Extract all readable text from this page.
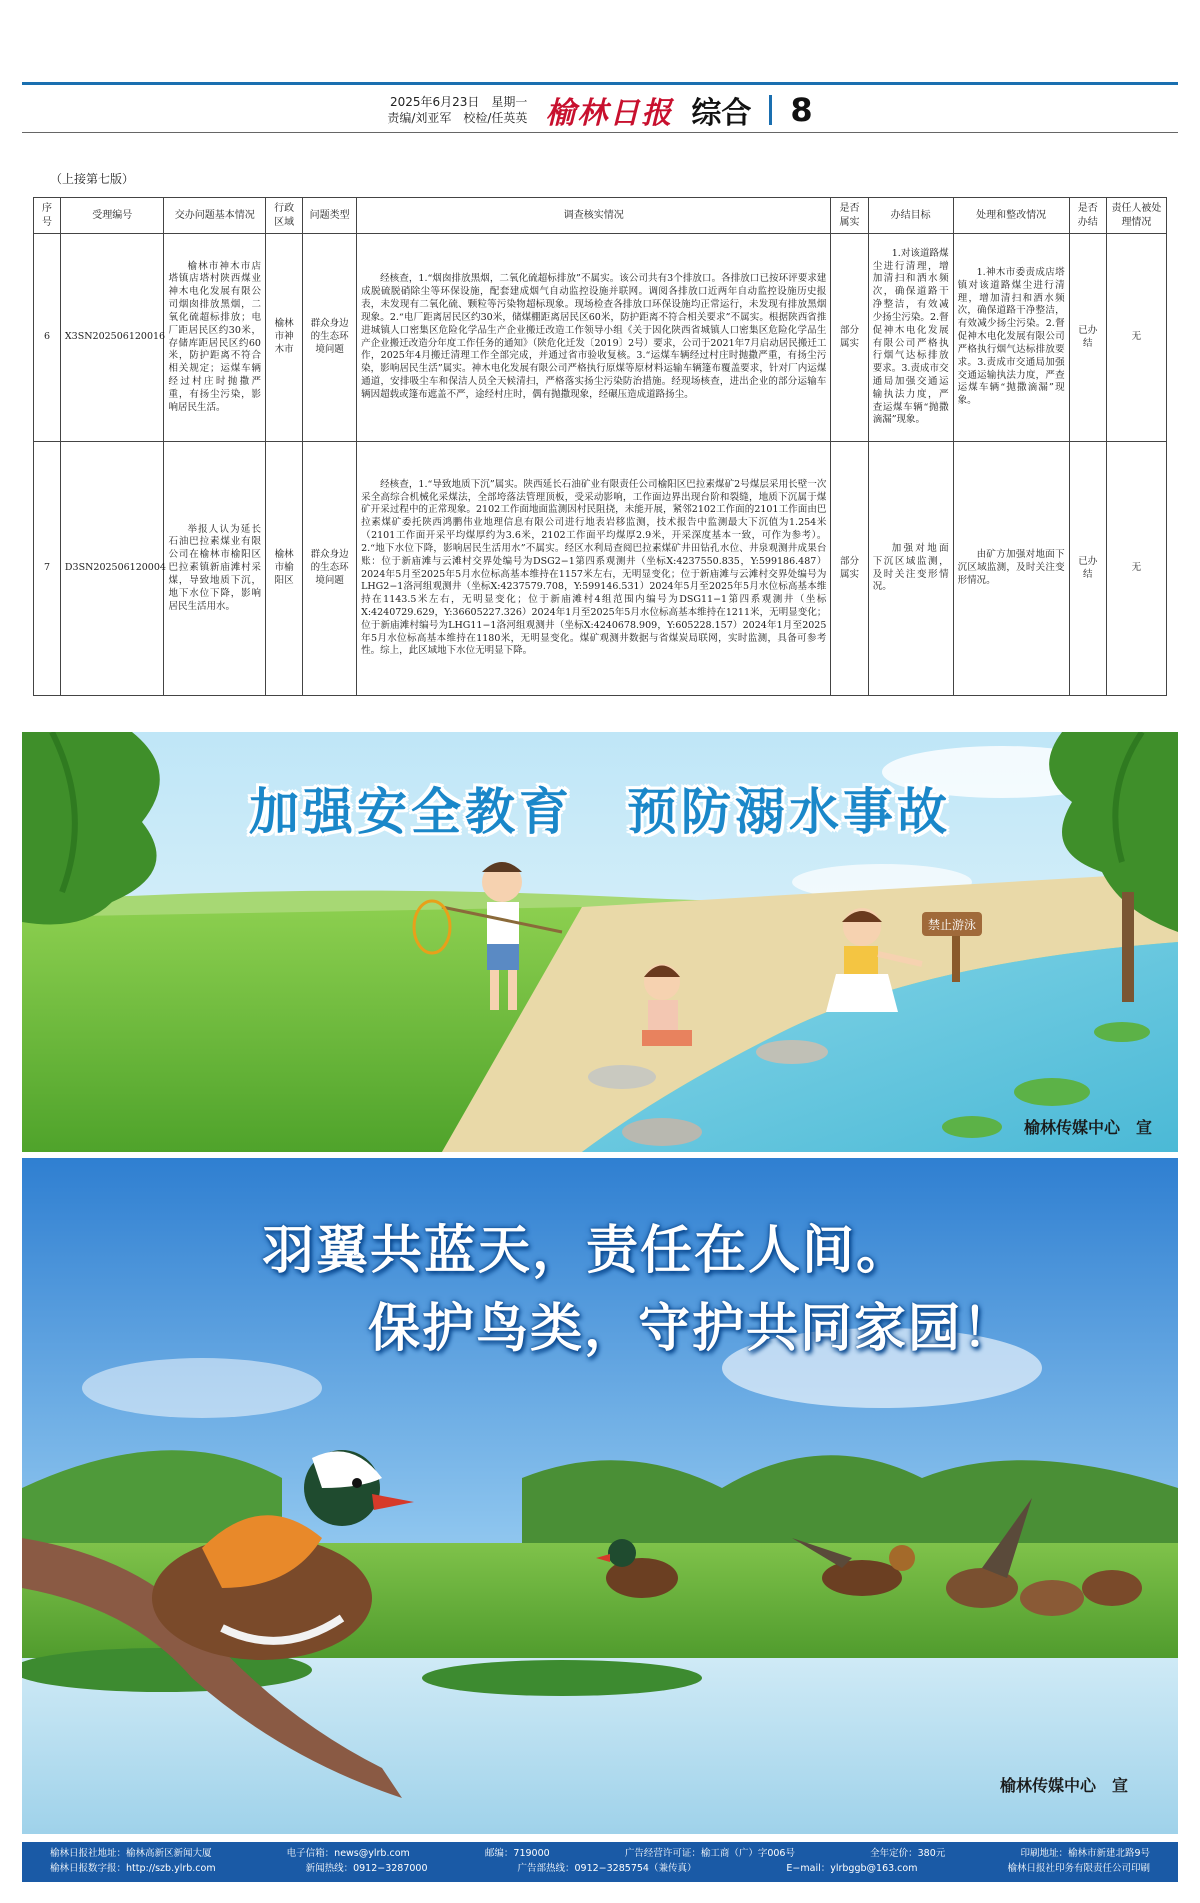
2025年6月23日　星期一
责编/刘亚军　校检/任英英 榆林日报 综合 8
（上接第七版）
序号	受理编号	交办问题基本情况	行政区域	问题类型	调查核实情况	是否属实	办结目标	处理和整改情况	是否办结	责任人被处理情况
6	X3SN202506120016	榆林市神木市店塔镇店塔村陕西煤业神木电化发展有限公司烟囱排放黑烟，二氧化硫超标排放；电厂距居民区约30米，存储库距居民区约60米，防护距离不符合相关规定；运煤车辆经过村庄时抛撒严重，有扬尘污染，影响居民生活。	榆林市神木市	群众身边的生态环境问题	经核查，1.“烟囱排放黑烟，二氧化硫超标排放”不属实。该公司共有3个排放口。各排放口已按环评要求建成脱硫脱硝除尘等环保设施，配套建成烟气自动监控设施并联网。调阅各排放口近两年自动监控设施历史报表，未发现有二氧化硫、颗粒等污染物超标现象。现场检查各排放口环保设施均正常运行，未发现有排放黑烟现象。2.“电厂距离居民区约30米，储煤棚距离居民区60米，防护距离不符合相关要求”不属实。根据陕西省推进城镇人口密集区危险化学品生产企业搬迁改造工作领导小组《关于因化陕西省城镇人口密集区危险化学品生产企业搬迁改造分年度工作任务的通知》（陕危化迁发〔2019〕2号）要求，公司于2021年7月启动居民搬迁工作，2025年4月搬迁清理工作全部完成，并通过省市验收复核。3.“运煤车辆经过村庄时抛撒严重，有扬尘污染，影响居民生活”属实。神木电化发展有限公司严格执行原煤等原材料运输车辆篷布覆盖要求，针对厂内运煤通道，安排吸尘车和保洁人员全天候清扫，严格落实扬尘污染防治措施。经现场核查，进出企业的部分运输车辆因超载或篷布遮盖不严，途经村庄时，偶有抛撒现象，经碾压造成道路扬尘。	部分属实	1.对该道路煤尘进行清理，增加清扫和洒水频次，确保道路干净整洁，有效减少扬尘污染。2.督促神木电化发展有限公司严格执行烟气达标排放要求。3.责成市交通局加强交通运输执法力度，严查运煤车辆“抛撒滴漏”现象。	1.神木市委责成店塔镇对该道路煤尘进行清理，增加清扫和洒水频次，确保道路干净整洁，有效减少扬尘污染。2.督促神木电化发展有限公司严格执行烟气达标排放要求。3.责成市交通局加强交通运输执法力度，严查运煤车辆“抛撒滴漏”现象。	已办结	无
7	D3SN202506120004	举报人认为延长石油巴拉素煤业有限公司在榆林市榆阳区巴拉素镇新庙滩村采煤，导致地质下沉，地下水位下降，影响居民生活用水。	榆林市榆阳区	群众身边的生态环境问题	经核查，1.“导致地质下沉”属实。陕西延长石油矿业有限责任公司榆阳区巴拉素煤矿2号煤层采用长壁一次采全高综合机械化采煤法，全部垮落法管理顶板，受采动影响，工作面边界出现台阶和裂缝，地质下沉属于煤矿开采过程中的正常现象。2102工作面地面监测因村民阻挠，未能开展，紧邻2102工作面的2101工作面由巴拉素煤矿委托陕西鸿鹏伟业地理信息有限公司进行地表岩移监测，技术报告中监测最大下沉值为1.254米（2101工作面开采平均煤厚约为3.6米，2102工作面平均煤厚2.9米，开采深度基本一致，可作为参考）。2.“地下水位下降，影响居民生活用水”不属实。经区水利局查阅巴拉素煤矿井田钻孔水位、井泉观测井成果台账：位于新庙滩与云滩村交界处编号为DSG2−1第四系观测井（坐标X:4237550.835，Y:599186.487）2024年5月至2025年5月水位标高基本维持在1157米左右，无明显变化；位于新庙滩与云滩村交界处编号为LHG2−1洛河组观测井（坐标X:4237579.708，Y:599146.531）2024年5月至2025年5月水位标高基本维持在1143.5米左右，无明显变化；位于新庙滩村4组范围内编号为DSG11−1第四系观测井（坐标X:4240729.629，Y:36605227.326）2024年1月至2025年5月水位标高基本维持在1211米，无明显变化；位于新庙滩村编号为LHG11−1洛河组观测井（坐标X:4240678.909，Y:605228.157）2024年1月至2025年5月水位标高基本维持在1180米，无明显变化。煤矿观测井数据与省煤炭局联网，实时监测，具备可参考性。综上，此区域地下水位无明显下降。	部分属实	加强对地面下沉区域监测，及时关注变形情况。	由矿方加强对地面下沉区域监测，及时关注变形情况。	已办结	无
禁止游泳
加强安全教育　预防溺水事故
榆林传媒中心　宣
羽翼共蓝天，责任在人间。
保护鸟类，守护共同家园！
榆林传媒中心　宣
榆林日报社地址：榆林高新区新闻大厦	电子信箱：news@ylrb.com	邮编：719000	广告经营许可证：榆工商（广）字006号	全年定价：380元	印刷地址：榆林市新建北路9号
榆林日报数字报：http://szb.ylrb.com	新闻热线：0912−3287000	广告部热线：0912−3285754（兼传真）	E−mail：ylrbggb@163.com	榆林日报社印务有限责任公司印刷
